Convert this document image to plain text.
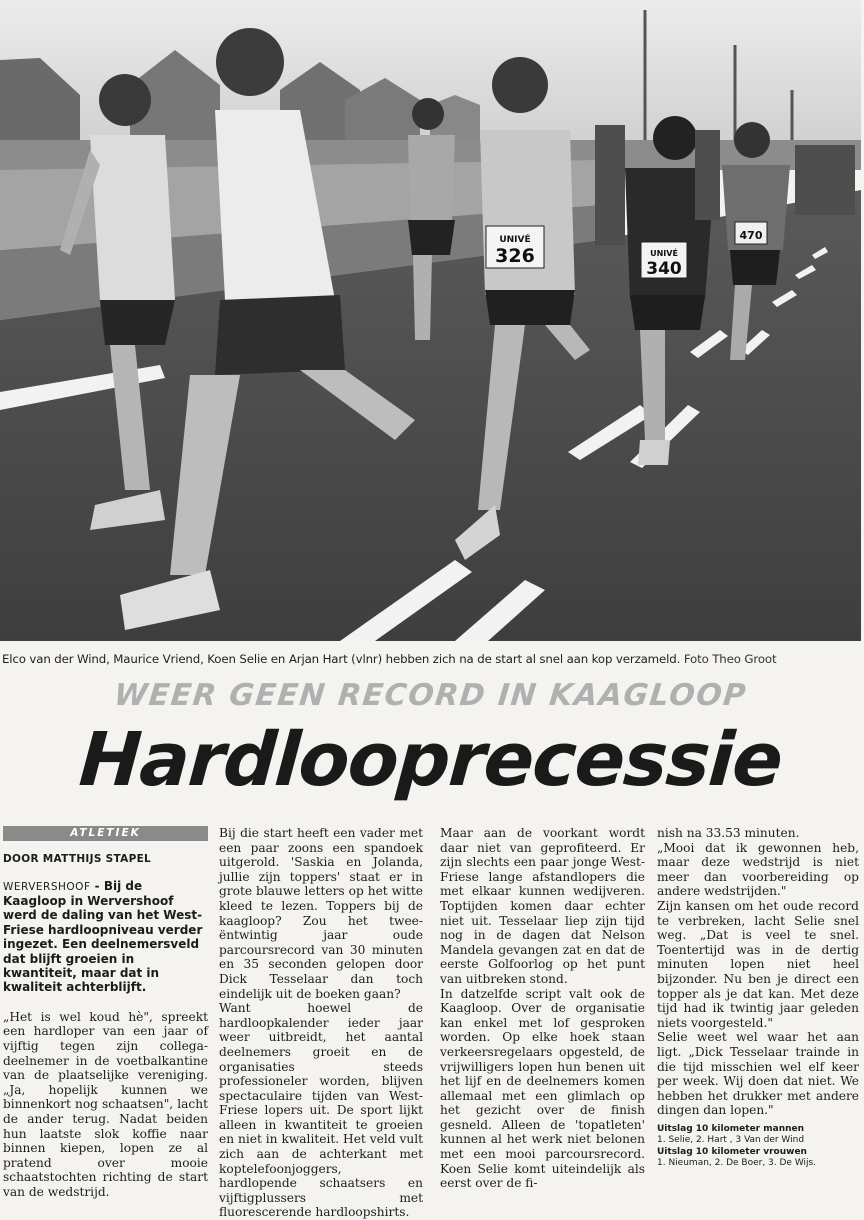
UNIVÉ
326	UNIVÉ
340
470
Elco van der Wind, Maurice Vriend, Koen Selie en Arjan Hart (vlnr) hebben zich na de start al snel aan kop verzameld. Foto Theo Groot
WEER GEEN RECORD IN KAAGLOOP
Hardlooprecessie
ATLETIEK
DOOR MATTHIJS STAPEL

WERVERSHOOF - Bij de Kaagloop in Wervershoof werd de daling van het West-Friese hardloopniveau verder ingezet. Een deelnemersveld dat blijft groeien in kwantiteit, maar dat in kwaliteit achterblijft.

„Het is wel koud hè", spreekt een hardloper van een jaar of vijftig tegen zijn collega-deelnemer in de voetbalkantine van de plaatselijke vereniging. „Ja, hopelijk kunnen we binnenkort nog schaatsen", lacht de ander terug. Nadat beiden hun laatste slok koffie naar binnen kiepen, lopen ze al pratend over mooie schaatstochten richting de start van de wedstrijd.

Bij die start heeft een vader met een paar zoons een spandoek uitgerold. 'Saskia en Jolanda, jullie zijn toppers' staat er in grote blauwe letters op het witte kleed te lezen. Toppers bij de kaagloop? Zou het tweeëntwintig jaar oude parcoursrecord van 30 minuten en 35 seconden gelopen door Dick Tesselaar dan toch eindelijk uit de boeken gaan?

Want hoewel de hardloopkalender ieder jaar weer uitbreidt, het aantal deelnemers groeit en de organisaties steeds professioneler worden, blijven spectaculaire tijden van West-Friese lopers uit. De sport lijkt alleen in kwantiteit te groeien en niet in kwaliteit. Het veld vult zich aan de achterkant met koptelefoonjoggers, hardlopende schaatsers en vijftigplussers met fluorescerende hardloopshirts.

Maar aan de voorkant wordt daar niet van geprofiteerd. Er zijn slechts een paar jonge West-Friese lange afstandlopers die met elkaar kunnen wedijveren. Toptijden komen daar echter niet uit. Tesselaar liep zijn tijd nog in de dagen dat Nelson Mandela gevangen zat en dat de eerste Golfoorlog op het punt van uitbreken stond.

In datzelfde script valt ook de Kaagloop. Over de organisatie kan enkel met lof gesproken worden. Op elke hoek staan verkeersregelaars opgesteld, de vrijwilligers lopen hun benen uit het lijf en de deelnemers komen allemaal met een glimlach op het gezicht over de finish gesneld. Alleen de 'topatleten' kunnen al het werk niet belonen met een mooi parcoursrecord. Koen Selie komt uiteindelijk als eerst over de fi-

nish na 33.53 minuten.

„Mooi dat ik gewonnen heb, maar deze wedstrijd is niet meer dan voorbereiding op andere wedstrijden."

Zijn kansen om het oude record te verbreken, lacht Selie snel weg. „Dat is veel te snel. Toentertijd was in de dertig minuten lopen niet heel bijzonder. Nu ben je direct een topper als je dat kan. Met deze tijd had ik twintig jaar geleden niets voorgesteld."

Selie weet wel waar het aan ligt. „Dick Tesselaar trainde in die tijd misschien wel elf keer per week. Wij doen dat niet. We hebben het drukker met andere dingen dan lopen."

Uitslag 10 kilometer mannen
1. Selie, 2. Hart , 3 Van der Wind
Uitslag 10 kilometer vrouwen
1. Nieuman, 2. De Boer, 3. De Wijs.
